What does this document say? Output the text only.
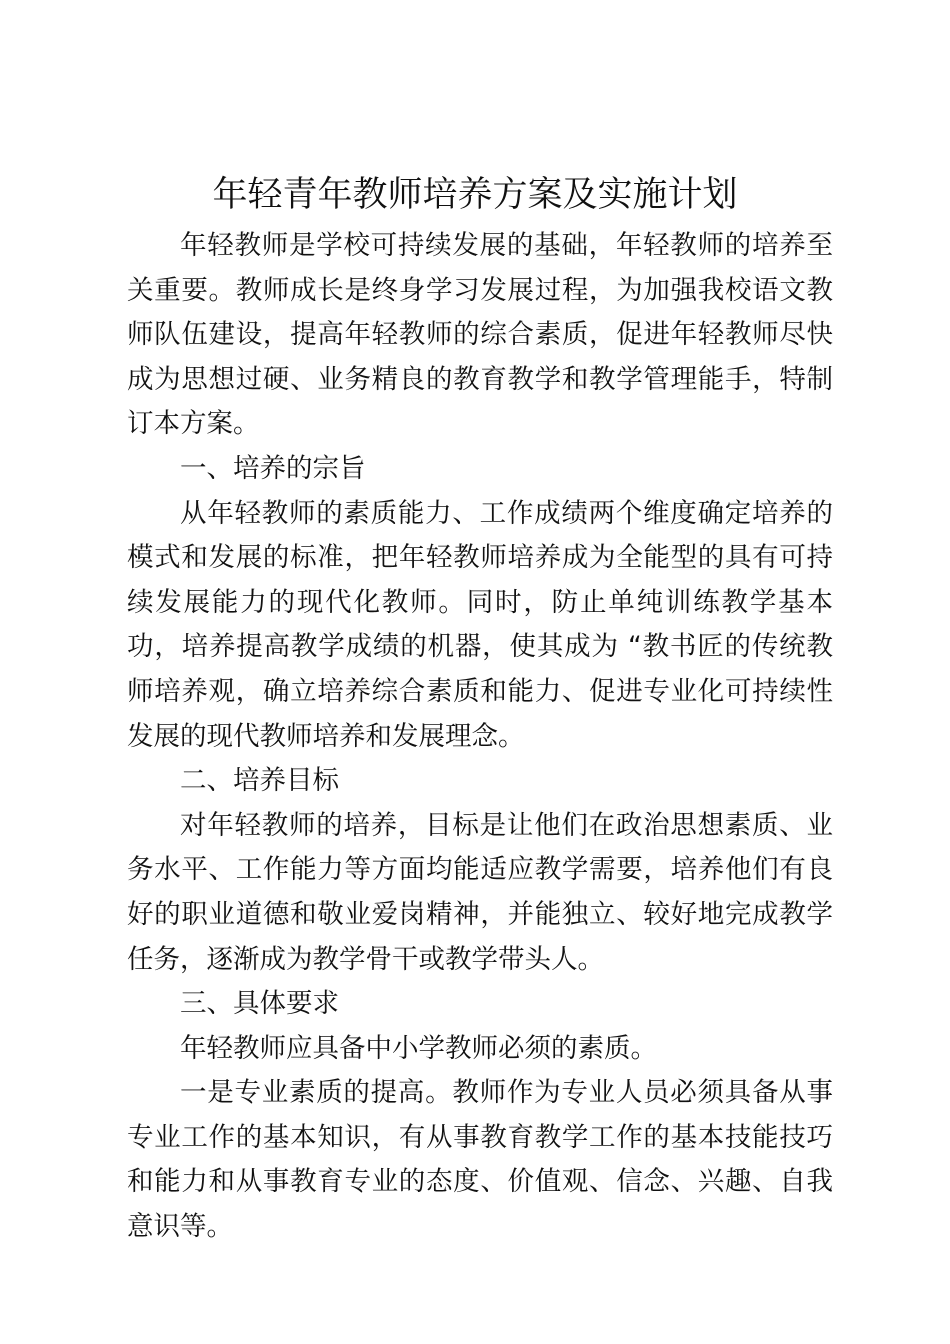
年轻青年教师培养方案及实施计划

年轻教师是学校可持续发展的基础，年轻教师的培养至关重要。教师成长是终身学习发展过程，为加强我校语文教师队伍建设，提高年轻教师的综合素质，促进年轻教师尽快成为思想过硬、业务精良的教育教学和教学管理能手，特制订本方案。

一、培养的宗旨

从年轻教师的素质能力、工作成绩两个维度确定培养的模式和发展的标准，把年轻教师培养成为全能型的具有可持续发展能力的现代化教师。同时，防止单纯训练教学基本功，培养提高教学成绩的机器，使其成为 “教书匠的传统教师培养观，确立培养综合素质和能力、促进专业化可持续性发展的现代教师培养和发展理念。

二、培养目标

对年轻教师的培养，目标是让他们在政治思想素质、业务水平、工作能力等方面均能适应教学需要，培养他们有良好的职业道德和敬业爱岗精神，并能独立、较好地完成教学任务，逐渐成为教学骨干或教学带头人。

三、具体要求

年轻教师应具备中小学教师必须的素质。

一是专业素质的提高。教师作为专业人员必须具备从事专业工作的基本知识，有从事教育教学工作的基本技能技巧和能力和从事教育专业的态度、价值观、信念、兴趣、自我意识等。
